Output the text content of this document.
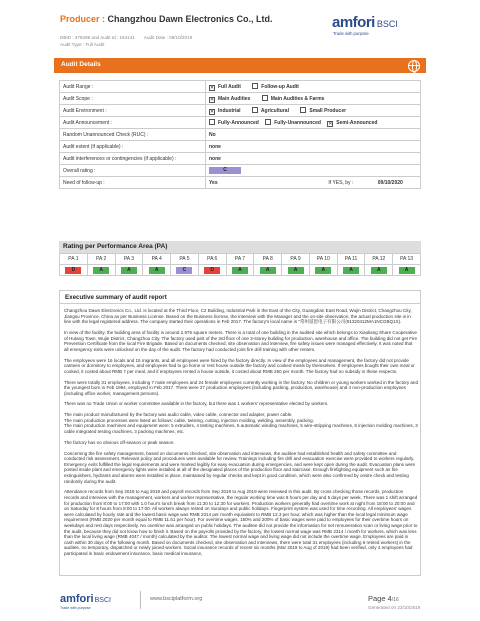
Producer : Changzhou Dawn Electronics Co., Ltd.
DBID : 378299 and Audit Id : 164141 Audit Date : 09/10/2019
Audit Type : Full Audit
amfori BSCI
Trade with purpose
Audit Details
Audit Range :	✕ Full Audit Follow-up Audit
Audit Scope :	✕ Main Audities Main Audities & Farms
Audit Environment :	✕ Industrial Agricultural Small Producer
Audit Announcement :	Fully-Announced Fully-Unannounced ✕ Semi-Announced
Random Unannounced Check (RUC) :	No
Audit extent (if applicable) :	none
Audit interferences or contingencies (if applicable) :	none
Overall rating :	C
Need of follow-up :	Yes If YES, by : 09/10/2020
Rating per Performance Area (PA)
PA 1	PA 2	PA 3	PA 4	PA 5	PA 6	PA 7	PA 8	PA 9	PA 10	PA 11	PA 12	PA 13
D	A	A	A	C	D	A	A	A	A	A	A	A
Executive summary of audit report

Changzhou Dawn Electronics Co., Ltd. is located at the Third Floor, C2 Building, Industrial Park in the East of the City, Guangdian East Road, Wujin District, Changzhou City, Jiangsu Province, China as per Business License. Based on the Business license, the interview with the Manager and the on-site observation, the actual production site is in line with the legal registered address. The company started their operations in Feb 2017. The factory's local name is "常州道恩电子有限公司(91320412MA1NCGBQ1X).

In view of the facility, the building area of facility is around 2,976 square meters. There is a total of one building in the audited site which belongs to Xiaoliang Share Cooperative of Hutang Town, Wujin District, Changzhou City. The factory used part of the 3rd floor of one 3-storey building for production, warehouse and office. The building did not get Fire Prevention Certificate from the local Fire Brigade. Based on documents checked, site observation and interview, fire safety issues were managed effectively. It was noted that all emergency exits were unlocked on the day of the audit. The factory had conducted joint fire drill training with other renters.

The employees were 16 locals and 15 migrants, and all employees were hired by the factory directly. In view of the employees and management, the factory did not provide canteen or dormitory to employees, and employees had to go home or rent house outside the factory and cooked meals by themselves. If employees bought their own meal or cooked, it costed about RMB 7 per meal, and if employees rented a house outside, it costed about RMB 250 per month. The factory had no subsidy in these respects.

There were totally 31 employees, including 7 male employees and 24 female employees currently working in the factory. No children or young workers worked in the factory and the youngest born in Feb 1994, employed in Feb 2017. There were 27 production employees (including packing, production, warehouse) and 4 non-production employees (including office worker, management persons).

There was no Trade Union or worker committee available in the factory, but there was 1 workers' representative elected by workers.

The main product manufactured by the factory was audio cable, video cable, connector and adapter, power cable.
The main production processes were listed as follows: cable, twisting, cutting, injection molding, welding, assembly, packing.
The main production machines and equipment were: 5 extruders, 4 testing machines, 5 automatic winding machines, 5 wire-stripping machines, 8 injection molding machines, 3 cable integrated testing machines, 3 packing machines, etc.

The factory has no obvious off-season or peak season.

Concerning the fire safety management, based on documents checked, site observation and interviews, the auditee had established health and safety committee and conducted risk assessment. Relevant policy and procedures were available for review. Trainings including fire drill and evacuation exercise were provided to workers regularly. Emergency exits fulfilled the legal requirements and were marked legibly for easy evacuation during emergencies, and were kept open during the audit. Evacuation plans were posted inside plant and emergency lights were installed at all of the designated places of the production floor and staircase. Enough firefighting equipment such as fire extinguishers, hydrants and alarms were installed in place, maintained by regular checks and kept in good condition, which were also confirmed by onsite check and testing randomly during the audit.

Attendance records from Sep 2018 to Aug 2019 and payroll records from Sep 2018 to Aug 2019 were reviewed in this audit. By cross checking those records, production records and interview with the management, workers and worker representative, the regular working time was 8 hours per day and 5 days per week. There was 1 shift arranged for production from 8:00 to 17:00 with 1.0 hour's lunch break from 11:30 to 12:30 for workers. Production workers generally had overtime work at night from 18:00 to 20:00 and on Saturday for 8 hours from 8:00 to 17:00. All workers always rested on Sundays and public holidays. Fingerprint system was used for time recording. All employees' wages were calculated by hourly rate and the lowest basic wage was RMB 2314 per month equivalent to RMB 13.3 per hour, which was higher than the local legal minimum wage requirement (RMB 2020 per month equal to RMB 11.61 per hour). For overtime wages, 150% and 200% of basic wages were paid to employees for their overtime hours on weekdays and rest days respectively. No overtime was arranged on public holidays. The auditee did not provide the information for net remuneration scan or living wage prior to the audit, because they did not know how to finish it. Based on the payrolls provided by the factory, the lowest normal wage was RMB 2314 / month for workers, which was less than the local living wage (RMB 4047 / month) calculated by the auditor. The lowest normal wage and living wage did not include the overtime wage. Employees are paid in cash within 30 days of the following month. Based on documents checked, site observation and interviews, there were total 31 employees (including 6 retired workers) in the auditee, no temporary, dispatched or newly joined workers. Social insurance records of recent six months (Mar 2019 to Aug of 2019) had been verified, only 4 employees had participated in basic endowment insurance, basic medical insurance,

amforiBSCI
Trade with purpose
www.bsciplatform.org	Page 4/16
Generated on 23/10/2019
